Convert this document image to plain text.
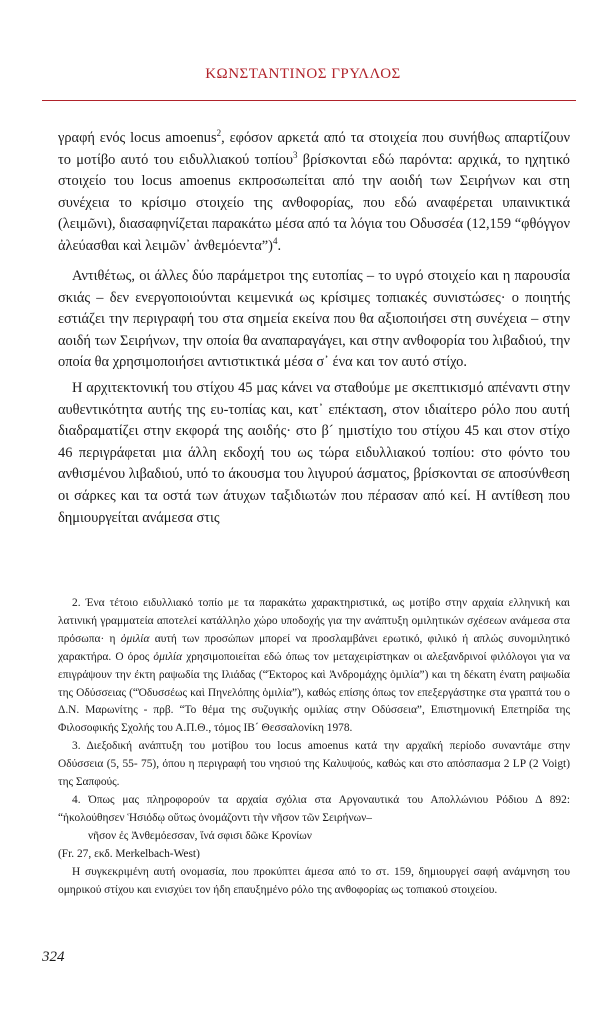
ΚΩΝΣΤΑΝΤΙΝΟΣ ΓΡΥΛΛΟΣ

γραφή ενός locus amoenus$^2$, εφόσον αρκετά από τα στοιχεία που συνήθως απαρτίζουν το μοτίβο αυτό του ειδυλλιακού τοπίου$^3$ βρίσκονται εδώ παρόντα: αρχικά, το ηχητικό στοιχείο του locus amoenus εκπροσωπείται από την αοιδή των Σειρήνων και στη συνέχεια το κρίσιμο στοιχείο της ανθοφορίας, που εδώ αναφέρεται υπαινικτικά (λειμῶνι), διασαφηνίζεται παρακάτω μέσα από τα λόγια του Οδυσσέα (12,159 “φθόγγον ἀλεύασθαι καὶ λειμῶν᾽ ἀνθεμόεντα”)$^4$.

Αντιθέτως, οι άλλες δύο παράμετροι της ευτοπίας – το υγρό στοιχείο και η παρουσία σκιάς – δεν ενεργοποιούνται κειμενικά ως κρίσιμες τοπιακές συνιστώσες· ο ποιητής εστιάζει την περιγραφή του στα σημεία εκείνα που θα αξιοποιήσει στη συνέχεια – στην αοιδή των Σειρήνων, την οποία θα αναπαραγάγει, και στην ανθοφορία του λιβαδιού, την οποία θα χρησιμοποιήσει αντιστικτικά μέσα σ᾽ ένα και τον αυτό στίχο.

Η αρχιτεκτονική του στίχου 45 μας κάνει να σταθούμε με σκεπτικισμό απέναντι στην αυθεντικότητα αυτής της ευ-τοπίας και, κατ᾽ επέκταση, στον ιδιαίτερο ρόλο που αυτή διαδραματίζει στην εκφορά της αοιδής· στο β´ ημιστίχιο του στίχου 45 και στον στίχο 46 περιγράφεται μια άλλη εκδοχή του ως τώρα ειδυλλιακού τοπίου: στο φόντο του ανθισμένου λιβαδιού, υπό το άκουσμα του λιγυρού άσματος, βρίσκονται σε αποσύνθεση οι σάρκες και τα οστά των άτυχων ταξιδιωτών που πέρασαν από κεί. Η αντίθεση που δημιουργείται ανάμεσα στις

2. Ένα τέτοιο ειδυλλιακό τοπίο με τα παρακάτω χαρακτηριστικά, ως μοτίβο στην αρχαία ελληνική και λατινική γραμματεία αποτελεί κατάλληλο χώρο υποδοχής για την ανάπτυξη ομιλητικών σχέσεων ανάμεσα στα πρόσωπα· η ὁμιλία αυτή των προσώπων μπορεί να προσλαμβάνει ερωτικό, φιλικό ή απλώς συνομιλητικό χαρακτήρα. Ο όρος ὁμιλία χρησιμοποιείται εδώ όπως τον μεταχειρίστηκαν οι αλεξανδρινοί φιλόλογοι για να επιγράψουν την έκτη ραψωδία της Ιλιάδας (“Έκτορος καὶ Ἀνδρομάχης ὁμιλία”) και τη δέκατη ένατη ραψωδία της Οδύσσειας (“Ὀδυσσέως καὶ Πηνελόπης ὁμιλία”), καθώς επίσης όπως τον επεξεργάστηκε στα γραπτά του ο Δ.Ν. Μαρωνίτης - πρβ. “Το θέμα της συζυγικής ομιλίας στην Οδύσσεια”, Επιστημονική Επετηρίδα της Φιλοσοφικής Σχολής του Α.Π.Θ., τόμος ΙΒ´ Θεσσαλονίκη 1978.

3. Διεξοδική ανάπτυξη του μοτίβου του locus amoenus κατά την αρχαϊκή περίοδο συναντάμε στην Οδύσσεια (5, 55- 75), όπου η περιγραφή του νησιού της Καλυψούς, καθώς και στο απόσπασμα 2 LP (2 Voigt) της Σαπφούς.

4. Όπως μας πληροφορούν τα αρχαία σχόλια στα Αργοναυτικά του Απολλώνιου Ρόδιου Δ 892: “ἠκολούθησεν Ἡσιόδῳ οὕτως ὀνομάζοντι τὴν νῆσον τῶν Σειρήνων–

νῆσον ἐς Ἀνθεμόεσσαν, ἵνά σφισι δῶκε Κρονίων

(Fr. 27, εκδ. Merkelbach-West)

Η συγκεκριμένη αυτή ονομασία, που προκύπτει άμεσα από το στ. 159, δημιουργεί σαφή ανάμνηση του ομηρικού στίχου και ενισχύει τον ήδη επαυξημένο ρόλο της ανθοφορίας ως τοπιακού στοιχείου.

324
